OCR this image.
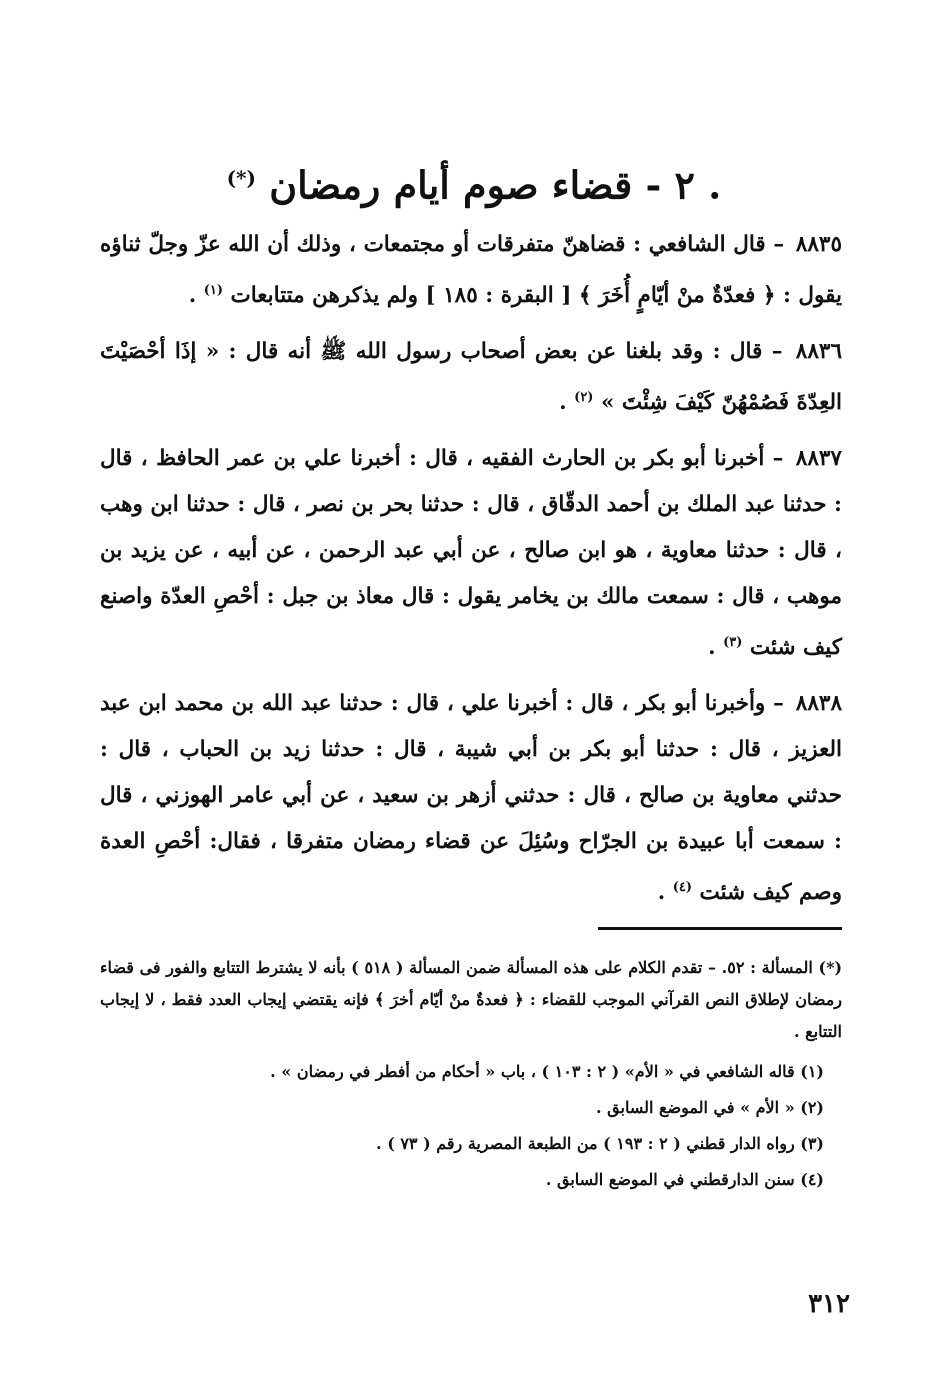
. ٢ - قضاء صوم أيام رمضان (*)

٨٨٣٥ – قال الشافعي : قضاهنّ متفرقات أو مجتمعات ، وذلك أن الله عزّ وجلّ ثناؤه يقول : ﴿ فعدّةٌ منْ أيّامٍ أُخَرَ ﴾ [ البقرة : ١٨٥ ] ولم يذكرهن متتابعات $^{(١)}$ .

٨٨٣٦ – قال : وقد بلغنا عن بعض أصحاب رسول الله ﷺ أنه قال : « إذَا أحْصَيْتَ العِدّةَ فَصُمْهُنّ كَيْفَ شِئْتَ » $^{(٢)}$ .

٨٨٣٧ – أخبرنا أبو بكر بن الحارث الفقيه ، قال : أخبرنا علي بن عمر الحافظ ، قال : حدثنا عبد الملك بن أحمد الدقّاق ، قال : حدثنا بحر بن نصر ، قال : حدثنا ابن وهب ، قال : حدثنا معاوية ، هو ابن صالح ، عن أبي عبد الرحمن ، عن أبيه ، عن يزيد بن موهب ، قال : سمعت مالك بن يخامر يقول : قال معاذ بن جبل : أحْصِ العدّة واصنع كيف شئت $^{(٣)}$ .

٨٨٣٨ – وأخبرنا أبو بكر ، قال : أخبرنا علي ، قال : حدثنا عبد الله بن محمد ابن عبد العزيز ، قال : حدثنا أبو بكر بن أبي شيبة ، قال : حدثنا زيد بن الحباب ، قال : حدثني معاوية بن صالح ، قال : حدثني أزهر بن سعيد ، عن أبي عامر الهوزني ، قال : سمعت أبا عبيدة بن الجرّاح وسُئِلَ عن قضاء رمضان متفرقا ، فقال: أحْصِ العدة وصم كيف شئت $^{(٤)}$ .

(*) المسألة : ٥٢. – تقدم الكلام على هذه المسألة ضمن المسألة ( ٥١٨ ) بأنه لا يشترط التتابع والفور فى قضاء رمضان لإطلاق النص القرآني الموجب للقضاء : ﴿ فعدةٌ منْ أيّام أخرَ ﴾ فإنه يقتضي إيجاب العدد فقط ، لا إيجاب التتابع .

(١) قاله الشافعي في « الأم» ( ٢ : ١٠٣ ) ، باب « أحكام من أفطر في رمضان » .

(٢) « الأم » في الموضع السابق .

(٣) رواه الدار قطني ( ٢ : ١٩٣ ) من الطبعة المصرية رقم ( ٧٣ ) .

(٤) سنن الدارقطني في الموضع السابق .

٣١٢
